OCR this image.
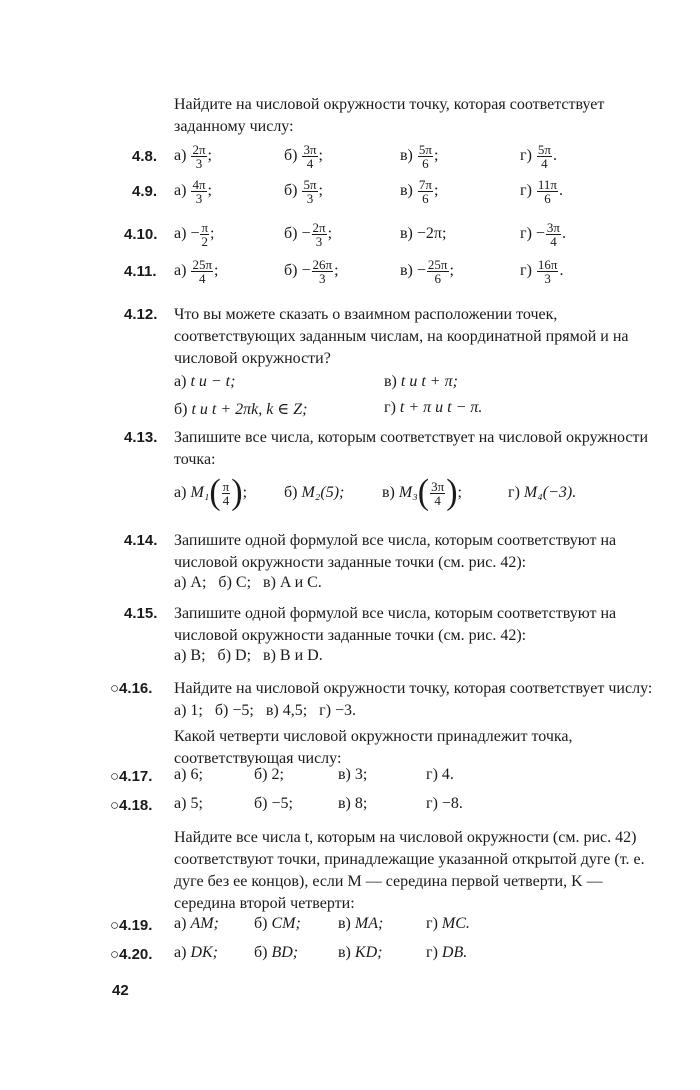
Найдите на числовой окружности точку, которая соответствует заданному числу:
4.8. $а) \frac{2\pi}{3}$ ;	$б) \frac{3\pi}{4}$ ;	$в) \frac{5\pi}{6}$ ;	$г) \frac{5\pi}{4}$ .
4.9. $а) \frac{4\pi}{3}$ ;	$б) \frac{5\pi}{3}$ ;	$в) \frac{7\pi}{6}$ ;	$г) \frac{11\pi}{6}$ .
4.10. $а) - \frac{\pi}{2}$ ;	$б) - \frac{2\pi}{3}$ ;	в) −2π;	$г) - \frac{3\pi}{4}$ .
4.11. $а) \frac{25\pi}{4}$ ;	$б) - \frac{26\pi}{3}$ ;	$в) - \frac{25\pi}{6}$ ;	$г) \frac{16\pi}{3}$ .
4.12. Что вы можете сказать о взаимном расположении точек, соответствующих заданным числам, на координатной прямой и на числовой окружности?
а) t и − t;	в) t и t + π;
б) t и t + 2πk, k ∈ Z;	г) t + π и t − π.
4.13. Запишите все числа, которым соответствует на числовой окружности точка:
а) $M_1( \frac{\pi}{4}$ ); б) M₂(5); в) $M_3( \frac{3\pi}{4}$ );	г) M₄(−3).
4.14. Запишите одной формулой все числа, которым соответствуют на числовой окружности заданные точки (см. рис. 42):
а) A;   б) C;   в) A и C.
4.15. Запишите одной формулой все числа, которым соответствуют на числовой окружности заданные точки (см. рис. 42):
а) B;   б) D;   в) B и D.
○4.16. Найдите на числовой окружности точку, которая соответствует числу: а) 1;   б) −5;   в) 4,5;   г) −3.
Какой четверти числовой окружности принадлежит точка, соответствующая числу:
○4.17. а) 6;	б) 2;	в) 3;	г) 4.
○4.18. а) 5;	б) −5;	в) 8;	г) −8.
Найдите все числа t, которым на числовой окружности (см. рис. 42) соответствуют точки, принадлежащие указанной открытой дуге (т. е. дуге без ее концов), если M — середина первой четверти, K — середина второй четверти:
○4.19. а) AM; б) CM; в) MA;	г) MC.
○4.20. а) DK; б) BD; в) KD;	г) DB.
42
